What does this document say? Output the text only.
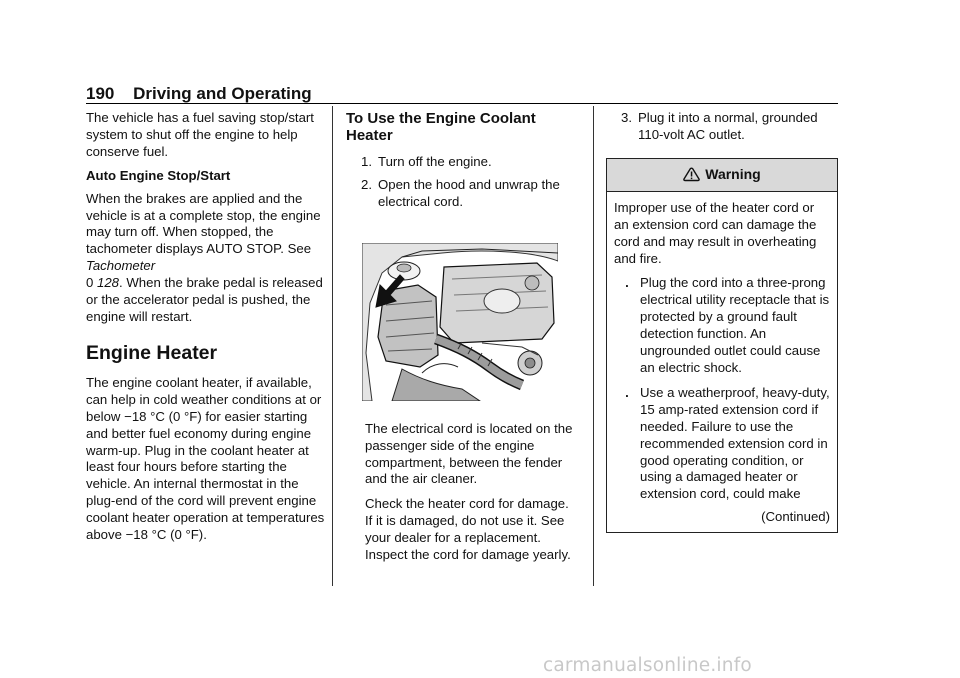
190 Driving and Operating

The vehicle has a fuel saving stop/start system to shut off the engine to help conserve fuel.

Auto Engine Stop/Start

When the brakes are applied and the vehicle is at a complete stop, the engine may turn off. When stopped, the tachometer displays AUTO STOP. See Tachometer
0 128. When the brake pedal is released or the accelerator pedal is pushed, the engine will restart.

Engine Heater

The engine coolant heater, if available, can help in cold weather conditions at or below −18 °C (0 °F) for easier starting and better fuel economy during engine warm-up. Plug in the coolant heater at least four hours before starting the vehicle. An internal thermostat in the plug-end of the cord will prevent engine coolant heater operation at temperatures above −18 °C (0 °F).

To Use the Engine Coolant Heater
1. Turn off the engine.
2. Open the hood and unwrap the electrical cord.

The electrical cord is located on the passenger side of the engine compartment, between the fender and the air cleaner.

Check the heater cord for damage. If it is damaged, do not use it. See your dealer for a replacement. Inspect the cord for damage yearly.

3. Plug it into a normal, grounded 110-volt AC outlet.
Warning

Improper use of the heater cord or an extension cord can damage the cord and may result in overheating and fire.

. Plug the cord into a three-prong electrical utility receptacle that is protected by a ground fault detection function. An ungrounded outlet could cause an electric shock.
. Use a weatherproof, heavy-duty, 15 amp-rated extension cord if needed. Failure to use the recommended extension cord in good operating condition, or using a damaged heater or extension cord, could make
(Continued)
carmanualsonline.info
